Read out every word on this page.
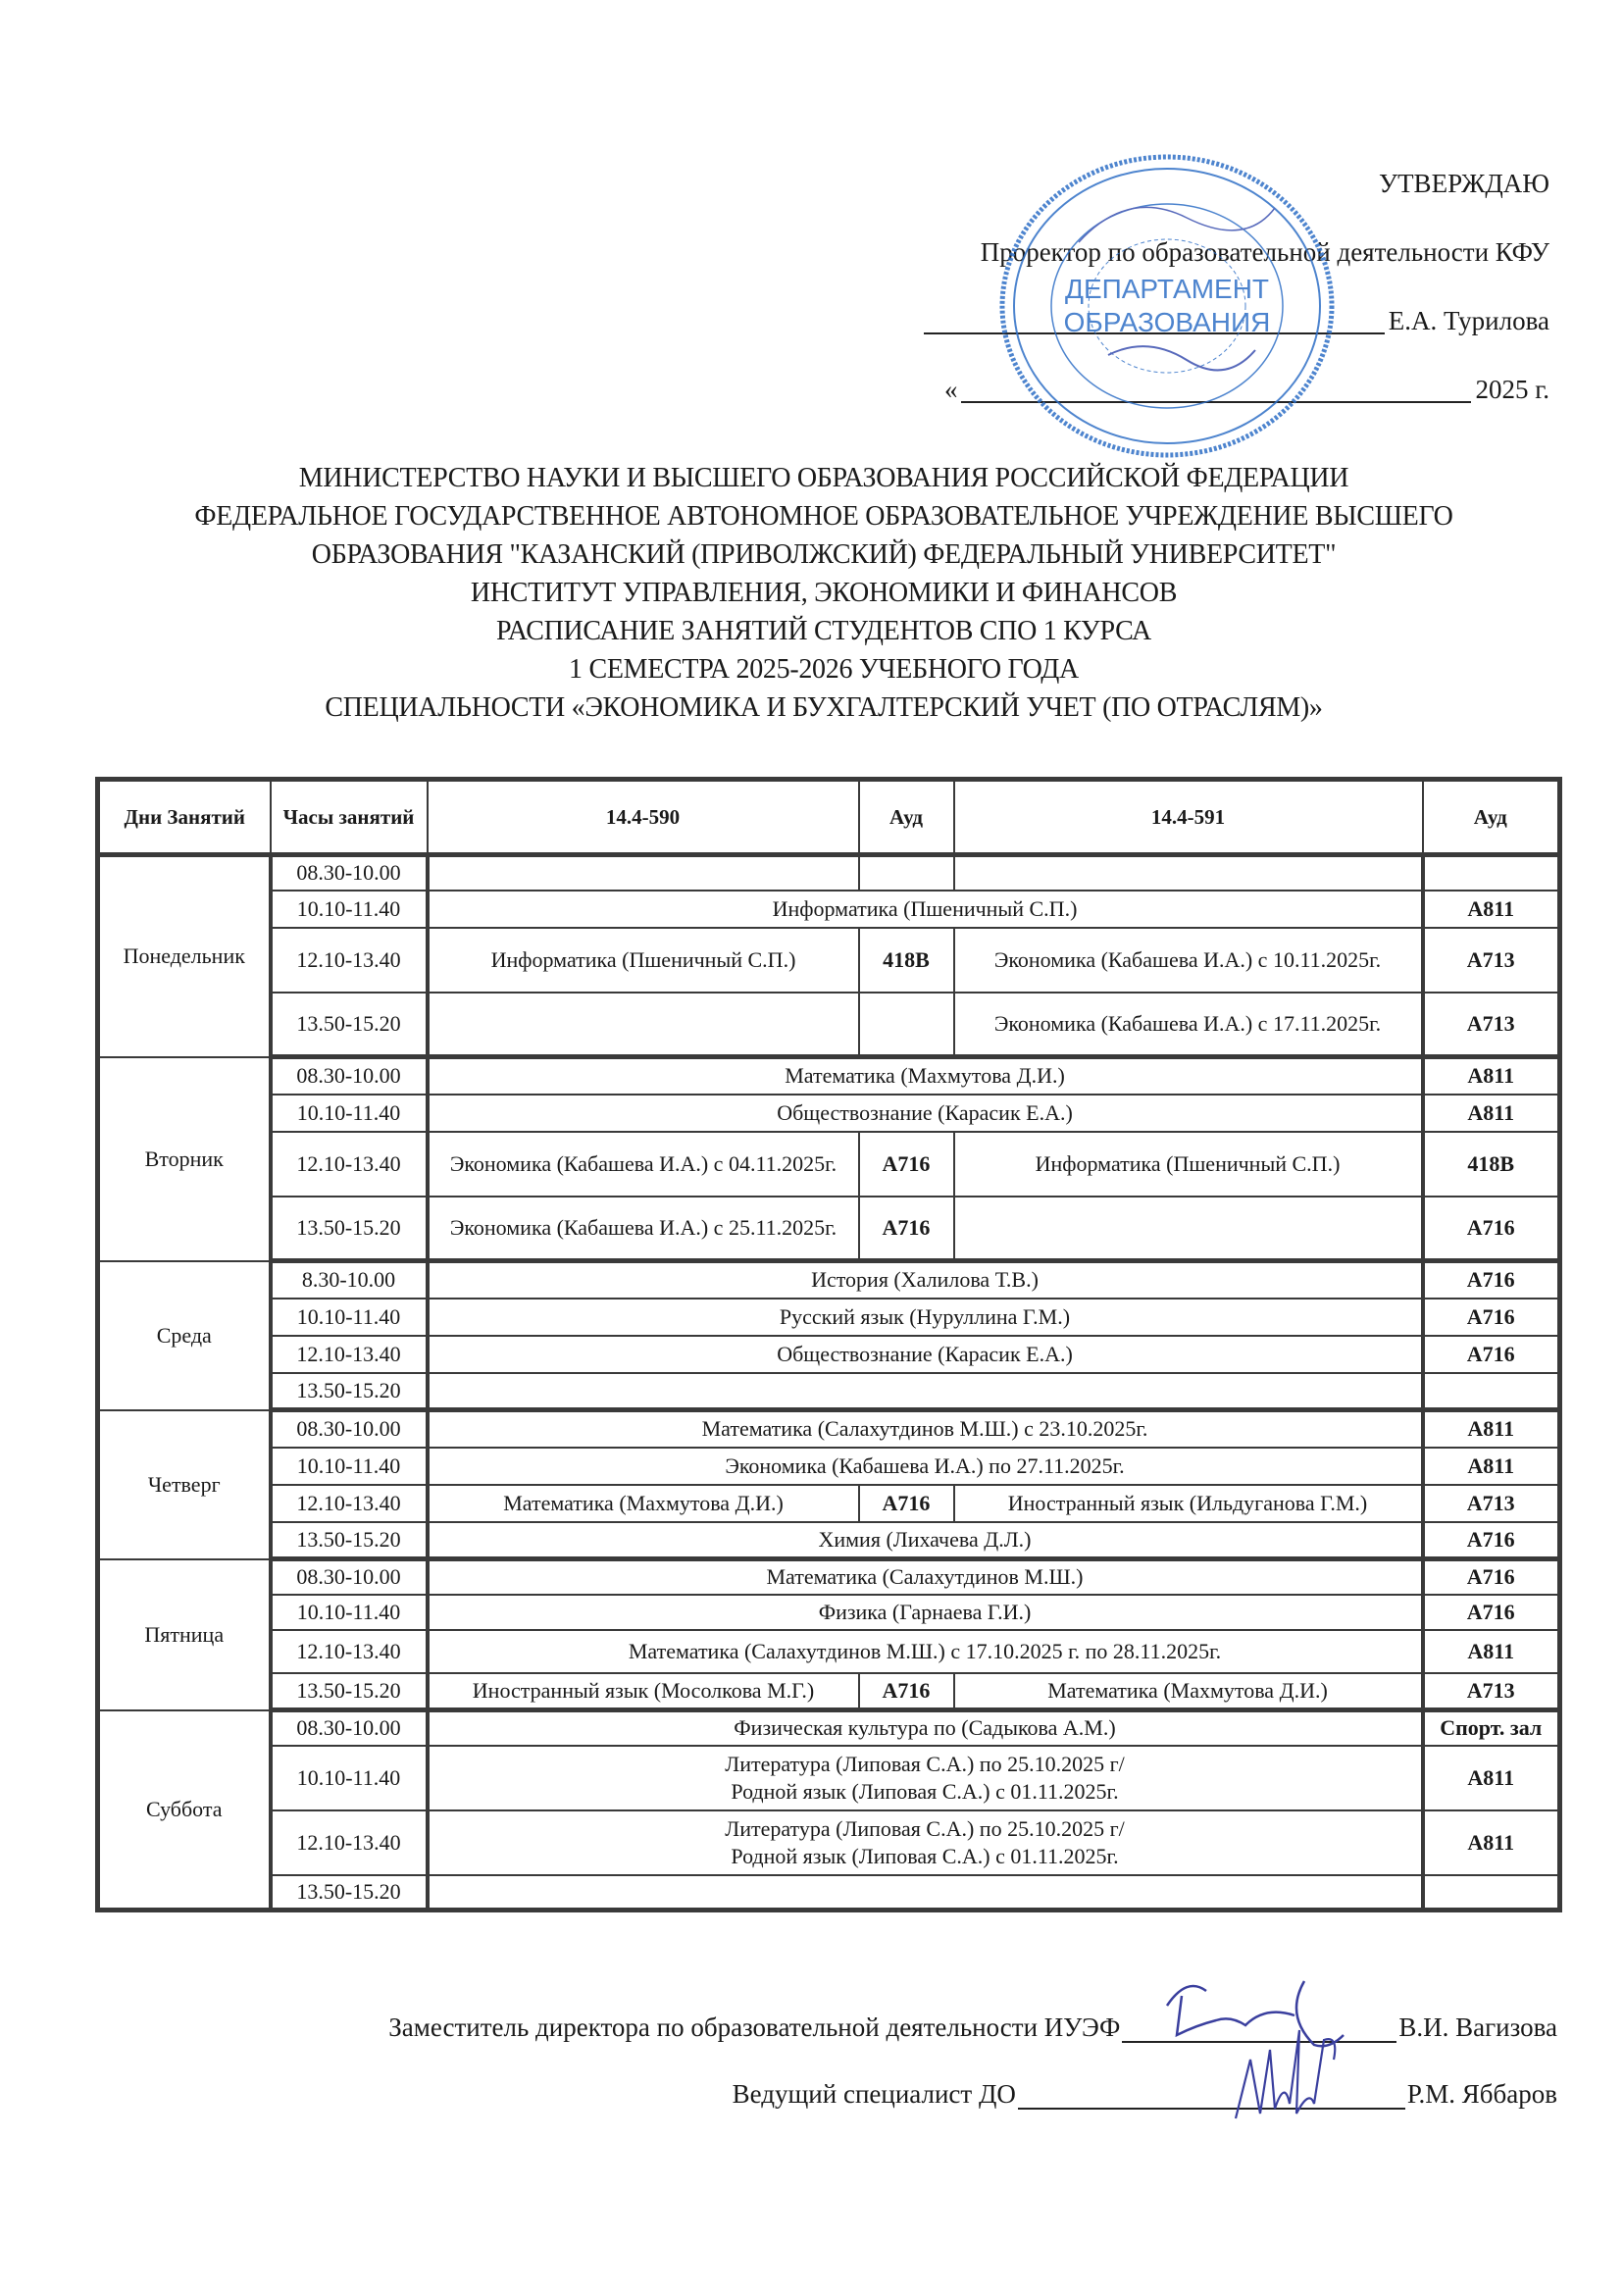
УТВЕРЖДАЮ
Проректор по образовательной деятельности КФУ
Е.А. Турилова
«	2025 г.
ДЕПАРТАМЕНТ
ОБРАЗОВАНИЯ
МИНИСТЕРСТВО НАУКИ И ВЫСШЕГО ОБРАЗОВАНИЯ РОССИЙСКОЙ ФЕДЕРАЦИИ
ФЕДЕРАЛЬНОЕ ГОСУДАРСТВЕННОЕ АВТОНОМНОЕ ОБРАЗОВАТЕЛЬНОЕ УЧРЕЖДЕНИЕ ВЫСШЕГО
ОБРАЗОВАНИЯ "КАЗАНСКИЙ (ПРИВОЛЖСКИЙ) ФЕДЕРАЛЬНЫЙ УНИВЕРСИТЕТ"
ИНСТИТУТ УПРАВЛЕНИЯ, ЭКОНОМИКИ И ФИНАНСОВ
РАСПИСАНИЕ ЗАНЯТИЙ СТУДЕНТОВ СПО 1 КУРСА
1 СЕМЕСТРА 2025-2026 УЧЕБНОГО ГОДА
СПЕЦИАЛЬНОСТИ «ЭКОНОМИКА И БУХГАЛТЕРСКИЙ УЧЕТ (ПО ОТРАСЛЯМ)»
Дни Занятий	Часы занятий	14.4-590	Ауд	14.4-591	Ауд
Понедельник	08.30-10.00				
	10.10-11.40	Информатика (Пшеничный С.П.)			A811
	12.10-13.40	Информатика (Пшеничный С.П.)	418B	Экономика (Кабашева И.А.) с 10.11.2025г.	A713
	13.50-15.20			Экономика (Кабашева И.А.) с 17.11.2025г.	A713
Вторник	08.30-10.00	Математика (Махмутова Д.И.)			A811
	10.10-11.40	Обществознание (Карасик Е.А.)			A811
	12.10-13.40	Экономика (Кабашева И.А.) с 04.11.2025г.	A716	Информатика (Пшеничный С.П.)	418B
	13.50-15.20	Экономика (Кабашева И.А.) с 25.11.2025г.	A716		A716
Среда	8.30-10.00	История (Халилова Т.В.)			A716
	10.10-11.40	Русский язык (Нуруллина Г.М.)			A716
	12.10-13.40	Обществознание (Карасик Е.А.)			A716
	13.50-15.20				
Четверг	08.30-10.00	Математика (Салахутдинов М.Ш.) с 23.10.2025г.			A811
	10.10-11.40	Экономика (Кабашева И.А.) по 27.11.2025г.			A811
	12.10-13.40	Математика (Махмутова Д.И.)	A716	Иностранный язык (Ильдуганова Г.М.)	A713
	13.50-15.20	Химия (Лихачева Д.Л.)			A716
Пятница	08.30-10.00	Математика (Салахутдинов М.Ш.)			A716
	10.10-11.40	Физика (Гарнаева Г.И.)			A716
	12.10-13.40	Математика (Салахутдинов М.Ш.) с 17.10.2025 г. по 28.11.2025г.			A811
	13.50-15.20	Иностранный язык (Мосолкова М.Г.)	A716	Математика (Махмутова Д.И.)	A713
Суббота	08.30-10.00	Физическая культура по (Садыкова А.М.)			Спорт. зал
	10.10-11.40	Литература (Липовая С.А.) по 25.10.2025 г/
Родной язык (Липовая С.А.) с 01.11.2025г.			A811
	12.10-13.40	Литература (Липовая С.А.) по 25.10.2025 г/
Родной язык (Липовая С.А.) с 01.11.2025г.			A811
	13.50-15.20				
Заместитель директора по образовательной деятельности ИУЭФ	В.И. Вагизова
Ведущий специалист ДО	Р.М. Яббаров
